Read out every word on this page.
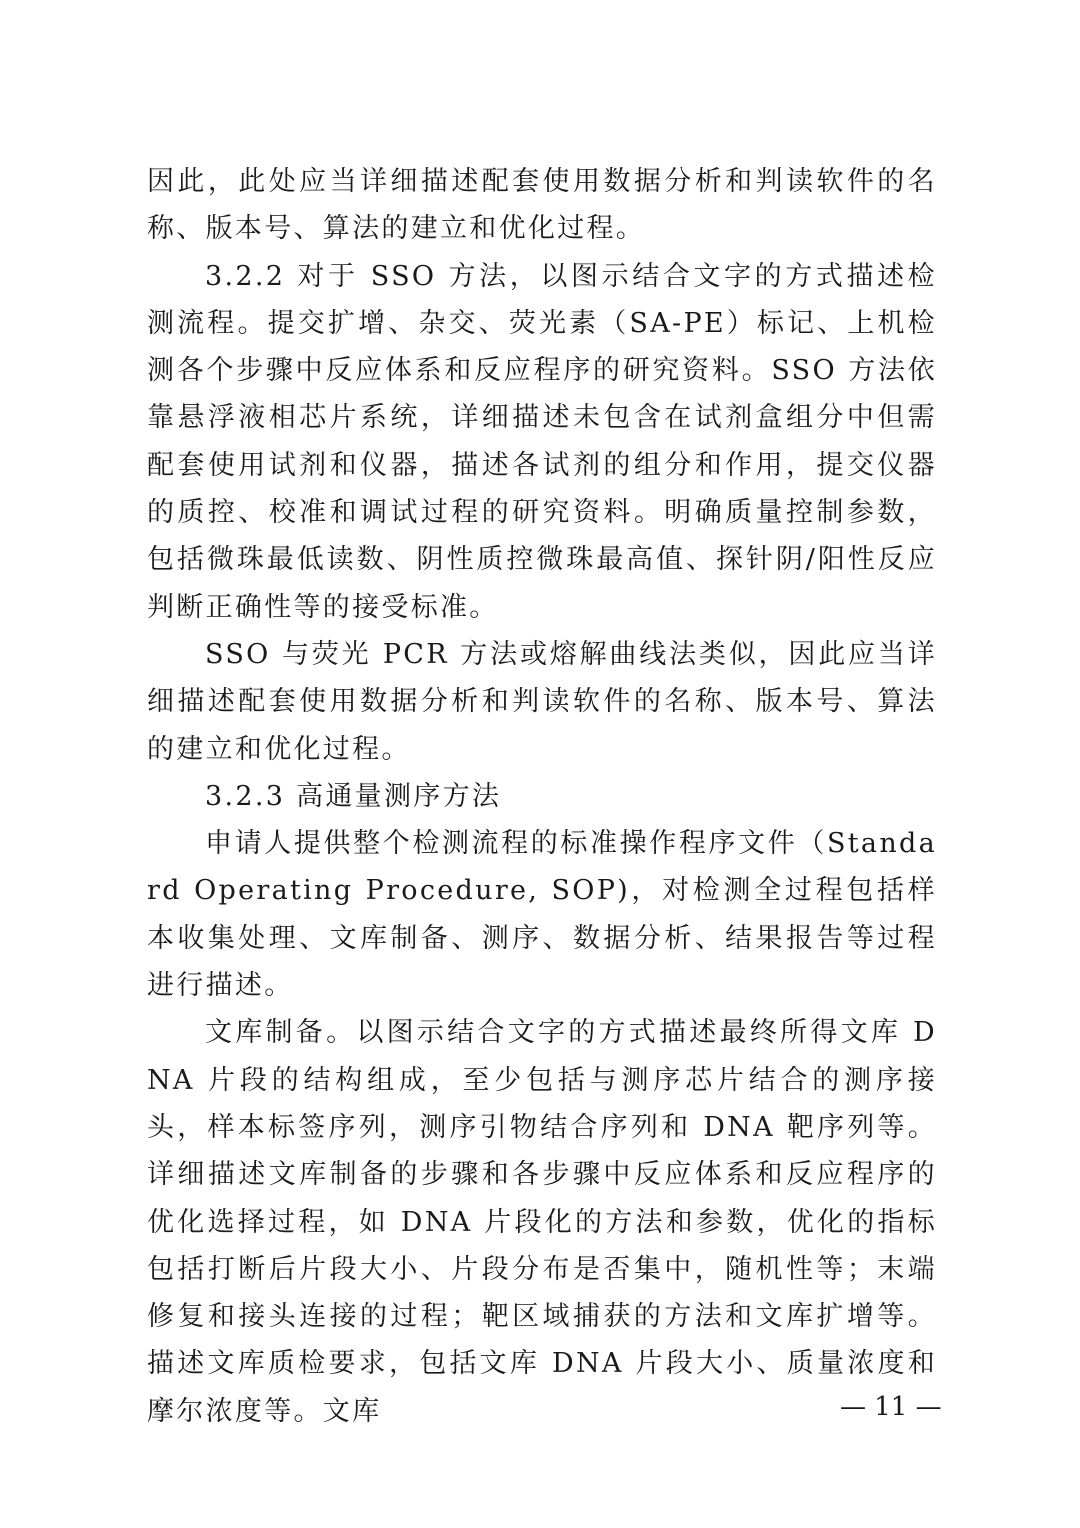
因此，此处应当详细描述配套使用数据分析和判读软件的名称、版本号、算法的建立和优化过程。

3.2.2 对于 SSO 方法，以图示结合文字的方式描述检测流程。提交扩增、杂交、荧光素（SA-PE）标记、上机检测各个步骤中反应体系和反应程序的研究资料。SSO 方法依靠悬浮液相芯片系统，详细描述未包含在试剂盒组分中但需配套使用试剂和仪器，描述各试剂的组分和作用，提交仪器的质控、校准和调试过程的研究资料。明确质量控制参数，包括微珠最低读数、阴性质控微珠最高值、探针阴/阳性反应判断正确性等的接受标准。

SSO 与荧光 PCR 方法或熔解曲线法类似，因此应当详细描述配套使用数据分析和判读软件的名称、版本号、算法的建立和优化过程。

3.2.3 高通量测序方法

申请人提供整个检测流程的标准操作程序文件（Standard Operating Procedure, SOP)，对检测全过程包括样本收集处理、文库制备、测序、数据分析、结果报告等过程进行描述。

文库制备。以图示结合文字的方式描述最终所得文库 DNA 片段的结构组成，至少包括与测序芯片结合的测序接头，样本标签序列，测序引物结合序列和 DNA 靶序列等。详细描述文库制备的步骤和各步骤中反应体系和反应程序的优化选择过程，如 DNA 片段化的方法和参数，优化的指标包括打断后片段大小、片段分布是否集中，随机性等；末端修复和接头连接的过程；靶区域捕获的方法和文库扩增等。描述文库质检要求，包括文库 DNA 片段大小、质量浓度和摩尔浓度等。文库	— 11 —
